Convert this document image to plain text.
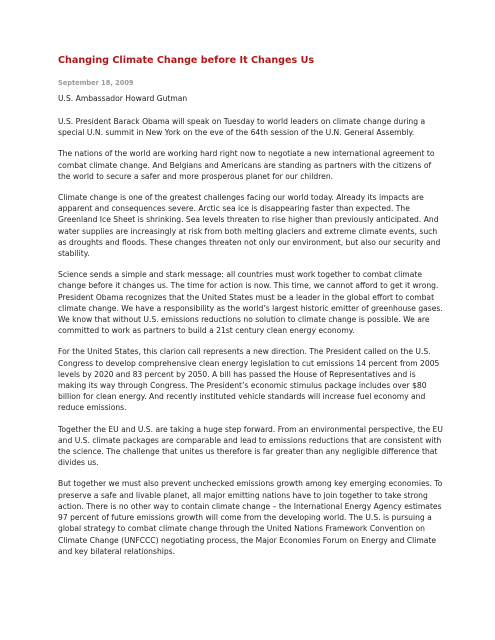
Changing Climate Change before It Changes Us
September 18, 2009
U.S. Ambassador Howard Gutman

U.S. President Barack Obama will speak on Tuesday to world leaders on climate change during a special U.N. summit in New York on the eve of the 64th session of the U.N. General Assembly.

The nations of the world are working hard right now to negotiate a new international agreement to combat climate change. And Belgians and Americans are standing as partners with the citizens of the world to secure a safer and more prosperous planet for our children.

Climate change is one of the greatest challenges facing our world today. Already its impacts are apparent and consequences severe. Arctic sea ice is disappearing faster than expected. The Greenland Ice Sheet is shrinking. Sea levels threaten to rise higher than previously anticipated. And water supplies are increasingly at risk from both melting glaciers and extreme climate events, such as droughts and floods. These changes threaten not only our environment, but also our security and stability.

Science sends a simple and stark message: all countries must work together to combat climate change before it changes us. The time for action is now. This time, we cannot afford to get it wrong. President Obama recognizes that the United States must be a leader in the global effort to combat climate change. We have a responsibility as the world’s largest historic emitter of greenhouse gases. We know that without U.S. emissions reductions no solution to climate change is possible. We are committed to work as partners to build a 21st century clean energy economy.

For the United States, this clarion call represents a new direction. The President called on the U.S. Congress to develop comprehensive clean energy legislation to cut emissions 14 percent from 2005 levels by 2020 and 83 percent by 2050. A bill has passed the House of Representatives and is making its way through Congress. The President’s economic stimulus package includes over $80 billion for clean energy. And recently instituted vehicle standards will increase fuel economy and reduce emissions.

Together the EU and U.S. are taking a huge step forward. From an environmental perspective, the EU and U.S. climate packages are comparable and lead to emissions reductions that are consistent with the science. The challenge that unites us therefore is far greater than any negligible difference that divides us.

But together we must also prevent unchecked emissions growth among key emerging economies. To preserve a safe and livable planet, all major emitting nations have to join together to take strong action. There is no other way to contain climate change – the International Energy Agency estimates 97 percent of future emissions growth will come from the developing world. The U.S. is pursuing a global strategy to combat climate change through the United Nations Framework Convention on Climate Change (UNFCCC) negotiating process, the Major Economies Forum on Energy and Climate and key bilateral relationships.
